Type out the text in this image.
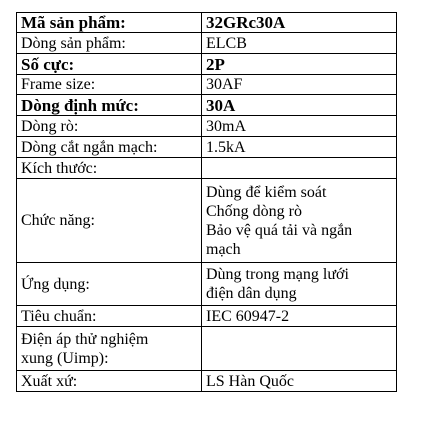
Mã sản phẩm:	32GRc30A
Dòng sản phẩm:	ELCB
Số cực:	2P
Frame size:	30AF
Dòng định mức:	30A
Dòng rò:	30mA
Dòng cắt ngắn mạch:	1.5kA
Kích thước:	
Chức năng:	Dùng để kiểm soát
Chống dòng rò
Bảo vệ quá tải và ngắn
mạch

Ứng dụng:	Dùng trong mạng lưới
điện dân dụng

Tiêu chuẩn:	IEC 60947-2

Điện áp thử nghiệm
xung (Uimp):	

Xuất xứ:	LS Hàn Quốc
